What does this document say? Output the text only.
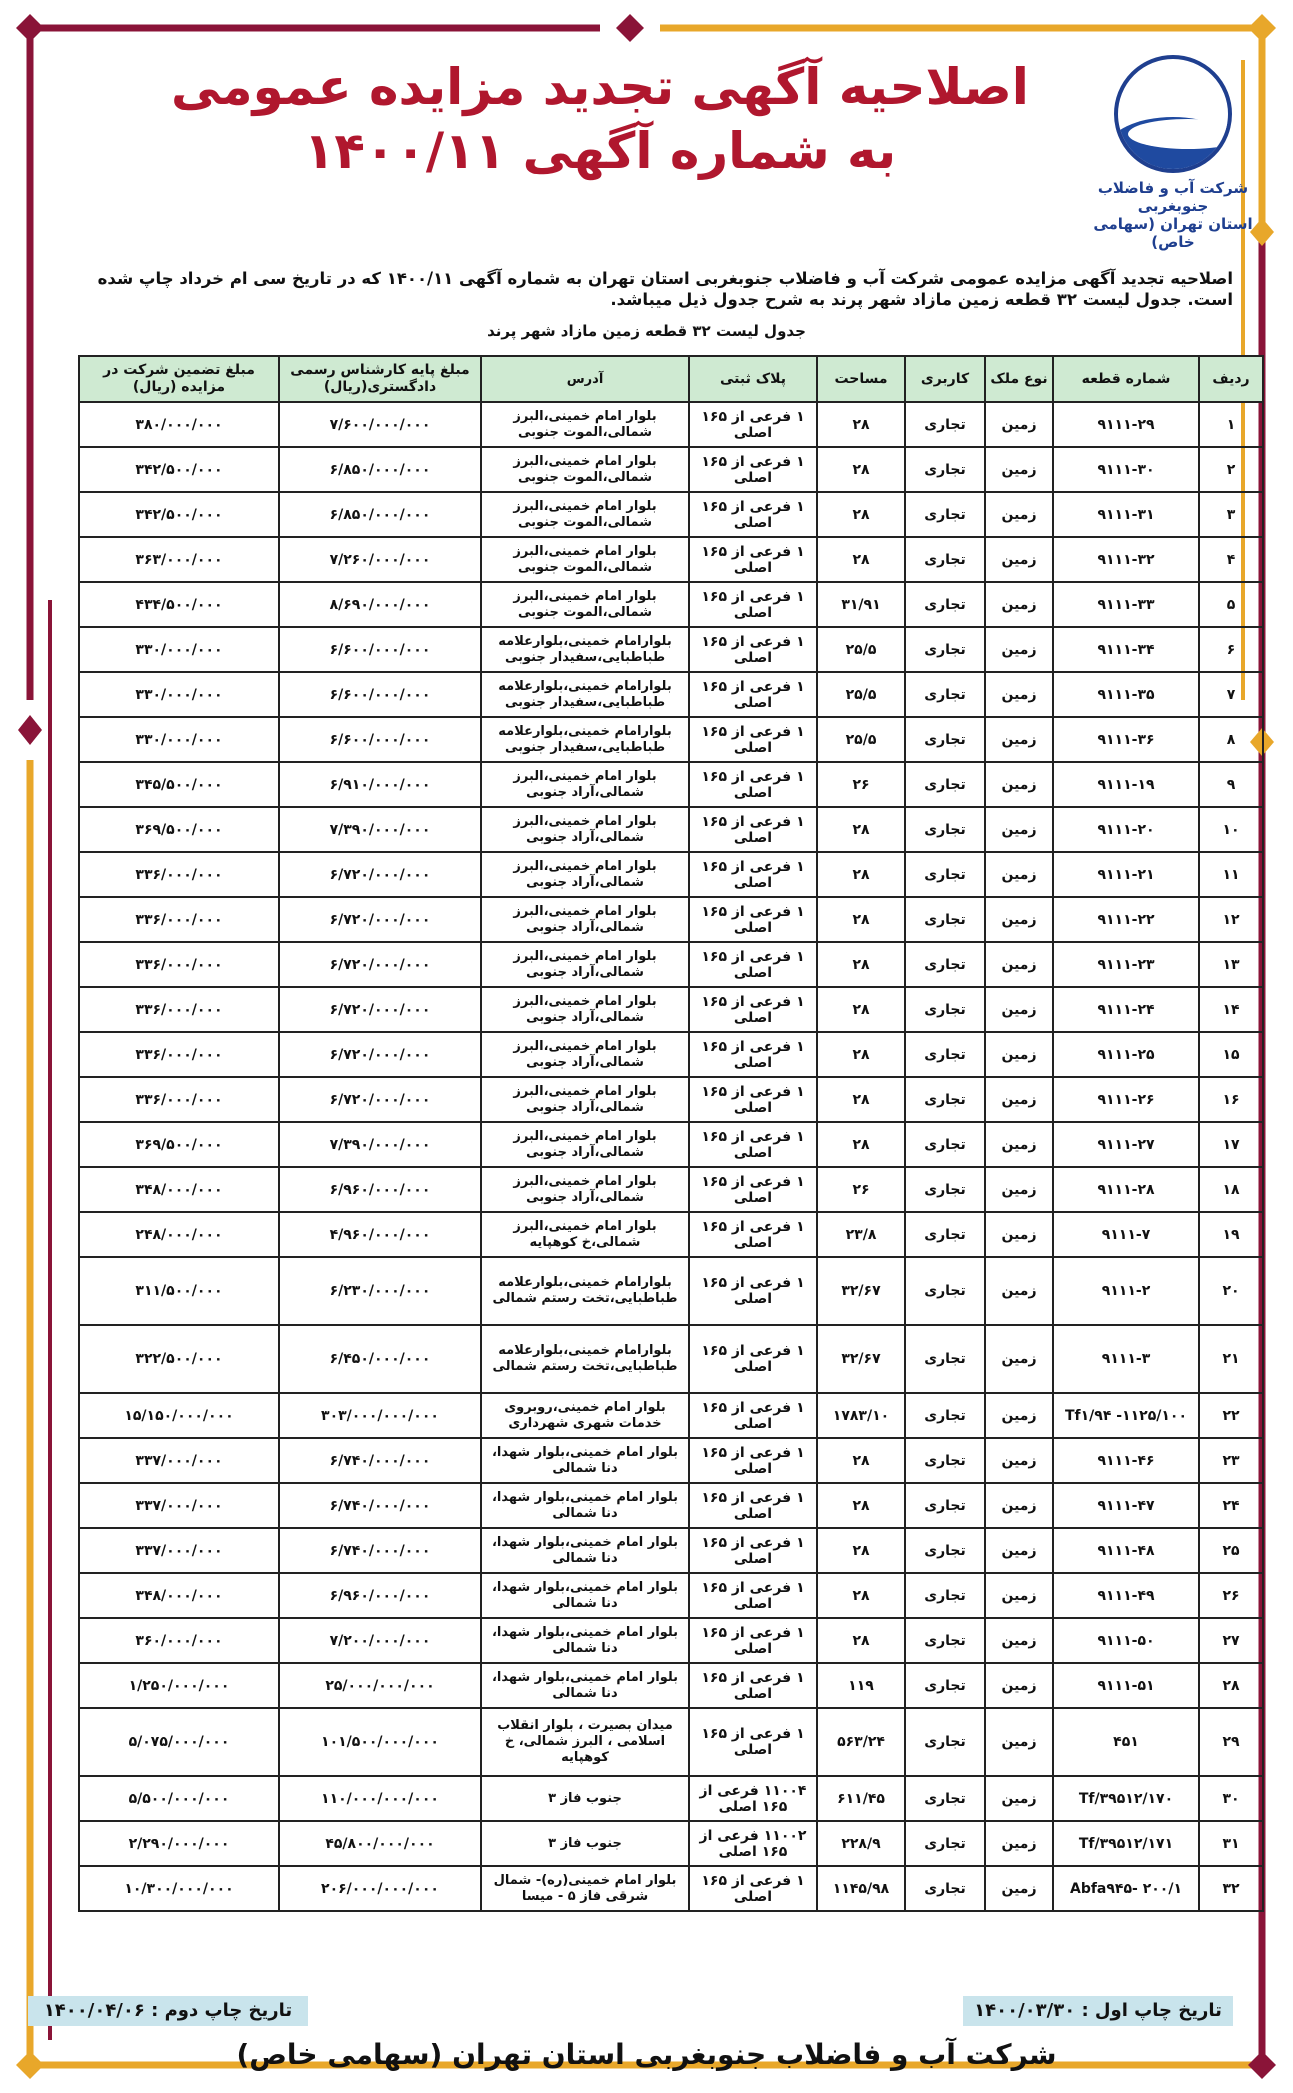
شرکت آب و فاضلاب جنوبغربی
استان تهران (سهامی خاص)
اصلاحیه آگهی تجدید مزایده عمومی
به شماره آگهی ۱۴۰۰/۱۱
اصلاحیه تجدید آگهی مزایده عمومی شرکت آب و فاضلاب جنوبغربی استان تهران به شماره آگهی ۱۴۰۰/۱۱ که در تاریخ سی ام خرداد چاپ شده است. جدول لیست ۳۲ قطعه زمین مازاد شهر پرند به شرح جدول ذیل میباشد.
جدول لیست ۳۲ قطعه زمین مازاد شهر پرند
ردیف	شماره قطعه	نوع ملک	کاربری	مساحت	پلاک ثبتی	آدرس	مبلغ پایه کارشناس رسمی دادگستری(ریال)	مبلغ تضمین شرکت در مزایده (ریال)
۱	۹۱۱۱-۲۹	زمین	تجاری	۲۸	۱ فرعی از ۱۶۵ اصلی	بلوار امام خمینی،البرز شمالی،الموت جنوبی	۷/۶۰۰/۰۰۰/۰۰۰	۳۸۰/۰۰۰/۰۰۰
۲	۹۱۱۱-۳۰	زمین	تجاری	۲۸	۱ فرعی از ۱۶۵ اصلی	بلوار امام خمینی،البرز شمالی،الموت جنوبی	۶/۸۵۰/۰۰۰/۰۰۰	۳۴۲/۵۰۰/۰۰۰
۳	۹۱۱۱-۳۱	زمین	تجاری	۲۸	۱ فرعی از ۱۶۵ اصلی	بلوار امام خمینی،البرز شمالی،الموت جنوبی	۶/۸۵۰/۰۰۰/۰۰۰	۳۴۲/۵۰۰/۰۰۰
۴	۹۱۱۱-۳۲	زمین	تجاری	۲۸	۱ فرعی از ۱۶۵ اصلی	بلوار امام خمینی،البرز شمالی،الموت جنوبی	۷/۲۶۰/۰۰۰/۰۰۰	۳۶۳/۰۰۰/۰۰۰
۵	۹۱۱۱-۳۳	زمین	تجاری	۳۱/۹۱	۱ فرعی از ۱۶۵ اصلی	بلوار امام خمینی،البرز شمالی،الموت جنوبی	۸/۶۹۰/۰۰۰/۰۰۰	۴۳۴/۵۰۰/۰۰۰
۶	۹۱۱۱-۳۴	زمین	تجاری	۲۵/۵	۱ فرعی از ۱۶۵ اصلی	بلوارامام خمینی،بلوارعلامه طباطبایی،سفیدار جنوبی	۶/۶۰۰/۰۰۰/۰۰۰	۳۳۰/۰۰۰/۰۰۰
۷	۹۱۱۱-۳۵	زمین	تجاری	۲۵/۵	۱ فرعی از ۱۶۵ اصلی	بلوارامام خمینی،بلوارعلامه طباطبایی،سفیدار جنوبی	۶/۶۰۰/۰۰۰/۰۰۰	۳۳۰/۰۰۰/۰۰۰
۸	۹۱۱۱-۳۶	زمین	تجاری	۲۵/۵	۱ فرعی از ۱۶۵ اصلی	بلوارامام خمینی،بلوارعلامه طباطبایی،سفیدار جنوبی	۶/۶۰۰/۰۰۰/۰۰۰	۳۳۰/۰۰۰/۰۰۰
۹	۹۱۱۱-۱۹	زمین	تجاری	۲۶	۱ فرعی از ۱۶۵ اصلی	بلوار امام خمینی،البرز شمالی،آراد جنوبی	۶/۹۱۰/۰۰۰/۰۰۰	۳۴۵/۵۰۰/۰۰۰
۱۰	۹۱۱۱-۲۰	زمین	تجاری	۲۸	۱ فرعی از ۱۶۵ اصلی	بلوار امام خمینی،البرز شمالی،آراد جنوبی	۷/۳۹۰/۰۰۰/۰۰۰	۳۶۹/۵۰۰/۰۰۰
۱۱	۹۱۱۱-۲۱	زمین	تجاری	۲۸	۱ فرعی از ۱۶۵ اصلی	بلوار امام خمینی،البرز شمالی،آراد جنوبی	۶/۷۲۰/۰۰۰/۰۰۰	۳۳۶/۰۰۰/۰۰۰
۱۲	۹۱۱۱-۲۲	زمین	تجاری	۲۸	۱ فرعی از ۱۶۵ اصلی	بلوار امام خمینی،البرز شمالی،آراد جنوبی	۶/۷۲۰/۰۰۰/۰۰۰	۳۳۶/۰۰۰/۰۰۰
۱۳	۹۱۱۱-۲۳	زمین	تجاری	۲۸	۱ فرعی از ۱۶۵ اصلی	بلوار امام خمینی،البرز شمالی،آراد جنوبی	۶/۷۲۰/۰۰۰/۰۰۰	۳۳۶/۰۰۰/۰۰۰
۱۴	۹۱۱۱-۲۴	زمین	تجاری	۲۸	۱ فرعی از ۱۶۵ اصلی	بلوار امام خمینی،البرز شمالی،آراد جنوبی	۶/۷۲۰/۰۰۰/۰۰۰	۳۳۶/۰۰۰/۰۰۰
۱۵	۹۱۱۱-۲۵	زمین	تجاری	۲۸	۱ فرعی از ۱۶۵ اصلی	بلوار امام خمینی،البرز شمالی،آراد جنوبی	۶/۷۲۰/۰۰۰/۰۰۰	۳۳۶/۰۰۰/۰۰۰
۱۶	۹۱۱۱-۲۶	زمین	تجاری	۲۸	۱ فرعی از ۱۶۵ اصلی	بلوار امام خمینی،البرز شمالی،آراد جنوبی	۶/۷۲۰/۰۰۰/۰۰۰	۳۳۶/۰۰۰/۰۰۰
۱۷	۹۱۱۱-۲۷	زمین	تجاری	۲۸	۱ فرعی از ۱۶۵ اصلی	بلوار امام خمینی،البرز شمالی،آراد جنوبی	۷/۳۹۰/۰۰۰/۰۰۰	۳۶۹/۵۰۰/۰۰۰
۱۸	۹۱۱۱-۲۸	زمین	تجاری	۲۶	۱ فرعی از ۱۶۵ اصلی	بلوار امام خمینی،البرز شمالی،آراد جنوبی	۶/۹۶۰/۰۰۰/۰۰۰	۳۴۸/۰۰۰/۰۰۰
۱۹	۹۱۱۱-۷	زمین	تجاری	۲۳/۸	۱ فرعی از ۱۶۵ اصلی	بلوار امام خمینی،البرز شمالی،خ کوهپایه	۴/۹۶۰/۰۰۰/۰۰۰	۲۴۸/۰۰۰/۰۰۰
۲۰	۹۱۱۱-۲	زمین	تجاری	۳۲/۶۷	۱ فرعی از ۱۶۵ اصلی	بلوارامام خمینی،بلوارعلامه طباطبایی،تخت رستم شمالی	۶/۲۳۰/۰۰۰/۰۰۰	۳۱۱/۵۰۰/۰۰۰
۲۱	۹۱۱۱-۳	زمین	تجاری	۳۲/۶۷	۱ فرعی از ۱۶۵ اصلی	بلوارامام خمینی،بلوارعلامه طباطبایی،تخت رستم شمالی	۶/۴۵۰/۰۰۰/۰۰۰	۳۲۲/۵۰۰/۰۰۰
۲۲	Tf۱/۹۴ -۱۱۲۵/۱۰۰	زمین	تجاری	۱۷۸۳/۱۰	۱ فرعی از ۱۶۵ اصلی	بلوار امام خمینی،روبروی خدمات شهری شهرداری	۳۰۳/۰۰۰/۰۰۰/۰۰۰	۱۵/۱۵۰/۰۰۰/۰۰۰
۲۳	۹۱۱۱-۴۶	زمین	تجاری	۲۸	۱ فرعی از ۱۶۵ اصلی	بلوار امام خمینی،بلوار شهدا، دنا شمالی	۶/۷۴۰/۰۰۰/۰۰۰	۳۳۷/۰۰۰/۰۰۰
۲۴	۹۱۱۱-۴۷	زمین	تجاری	۲۸	۱ فرعی از ۱۶۵ اصلی	بلوار امام خمینی،بلوار شهدا، دنا شمالی	۶/۷۴۰/۰۰۰/۰۰۰	۳۳۷/۰۰۰/۰۰۰
۲۵	۹۱۱۱-۴۸	زمین	تجاری	۲۸	۱ فرعی از ۱۶۵ اصلی	بلوار امام خمینی،بلوار شهدا، دنا شمالی	۶/۷۴۰/۰۰۰/۰۰۰	۳۳۷/۰۰۰/۰۰۰
۲۶	۹۱۱۱-۴۹	زمین	تجاری	۲۸	۱ فرعی از ۱۶۵ اصلی	بلوار امام خمینی،بلوار شهدا، دنا شمالی	۶/۹۶۰/۰۰۰/۰۰۰	۳۴۸/۰۰۰/۰۰۰
۲۷	۹۱۱۱-۵۰	زمین	تجاری	۲۸	۱ فرعی از ۱۶۵ اصلی	بلوار امام خمینی،بلوار شهدا، دنا شمالی	۷/۲۰۰/۰۰۰/۰۰۰	۳۶۰/۰۰۰/۰۰۰
۲۸	۹۱۱۱-۵۱	زمین	تجاری	۱۱۹	۱ فرعی از ۱۶۵ اصلی	بلوار امام خمینی،بلوار شهدا، دنا شمالی	۲۵/۰۰۰/۰۰۰/۰۰۰	۱/۲۵۰/۰۰۰/۰۰۰
۲۹	۴۵۱	زمین	تجاری	۵۶۳/۲۴	۱ فرعی از ۱۶۵ اصلی	میدان بصیرت ، بلوار انقلاب اسلامی ، البرز شمالی، خ کوهپایه	۱۰۱/۵۰۰/۰۰۰/۰۰۰	۵/۰۷۵/۰۰۰/۰۰۰
۳۰	۳۹۵۱۲/۱۷۰/Tf	زمین	تجاری	۶۱۱/۴۵	۱۱۰۰۴ فرعی از ۱۶۵ اصلی	جنوب فاز ۳	۱۱۰/۰۰۰/۰۰۰/۰۰۰	۵/۵۰۰/۰۰۰/۰۰۰
۳۱	۳۹۵۱۲/۱۷۱/Tf	زمین	تجاری	۲۲۸/۹	۱۱۰۰۲ فرعی از ۱۶۵ اصلی	جنوب فاز ۳	۴۵/۸۰۰/۰۰۰/۰۰۰	۲/۲۹۰/۰۰۰/۰۰۰
۳۲	Abfa۹۴۵- ۲۰۰/۱	زمین	تجاری	۱۱۴۵/۹۸	۱ فرعی از ۱۶۵ اصلی	بلوار امام خمینی(ره)- شمال شرقی فاز ۵ - میسا	۲۰۶/۰۰۰/۰۰۰/۰۰۰	۱۰/۳۰۰/۰۰۰/۰۰۰
تاریخ چاپ اول : ۱۴۰۰/۰۳/۳۰
تاریخ چاپ دوم : ۱۴۰۰/۰۴/۰۶
شرکت آب و فاضلاب جنوبغربی استان تهران (سهامی خاص)
